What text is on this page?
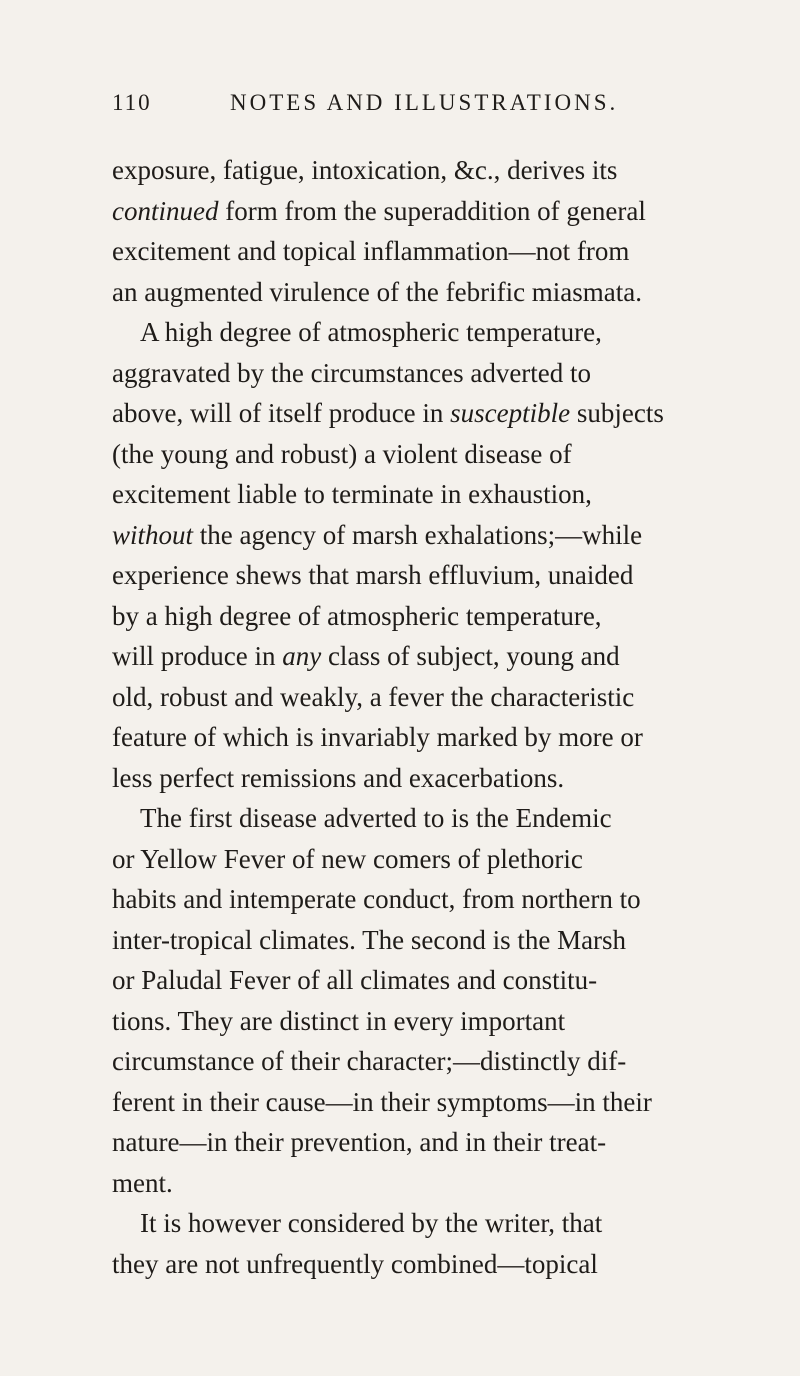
110	NOTES AND ILLUSTRATIONS.
exposure, fatigue, intoxication, &c., derives its
continued form from the superaddition of general
excitement and topical inflammation—not from
an augmented virulence of the febrific miasmata.
A high degree of atmospheric temperature,
aggravated by the circumstances adverted to
above, will of itself produce in susceptible subjects
(the young and robust) a violent disease of
excitement liable to terminate in exhaustion,
without the agency of marsh exhalations;—while
experience shews that marsh effluvium, unaided
by a high degree of atmospheric temperature,
will produce in any class of subject, young and
old, robust and weakly, a fever the characteristic
feature of which is invariably marked by more or
less perfect remissions and exacerbations.
The first disease adverted to is the Endemic
or Yellow Fever of new comers of plethoric
habits and intemperate conduct, from northern to
inter-tropical climates. The second is the Marsh
or Paludal Fever of all climates and constitu-
tions. They are distinct in every important
circumstance of their character;—distinctly dif-
ferent in their cause—in their symptoms—in their
nature—in their prevention, and in their treat-
ment.
It is however considered by the writer, that
they are not unfrequently combined—topical
